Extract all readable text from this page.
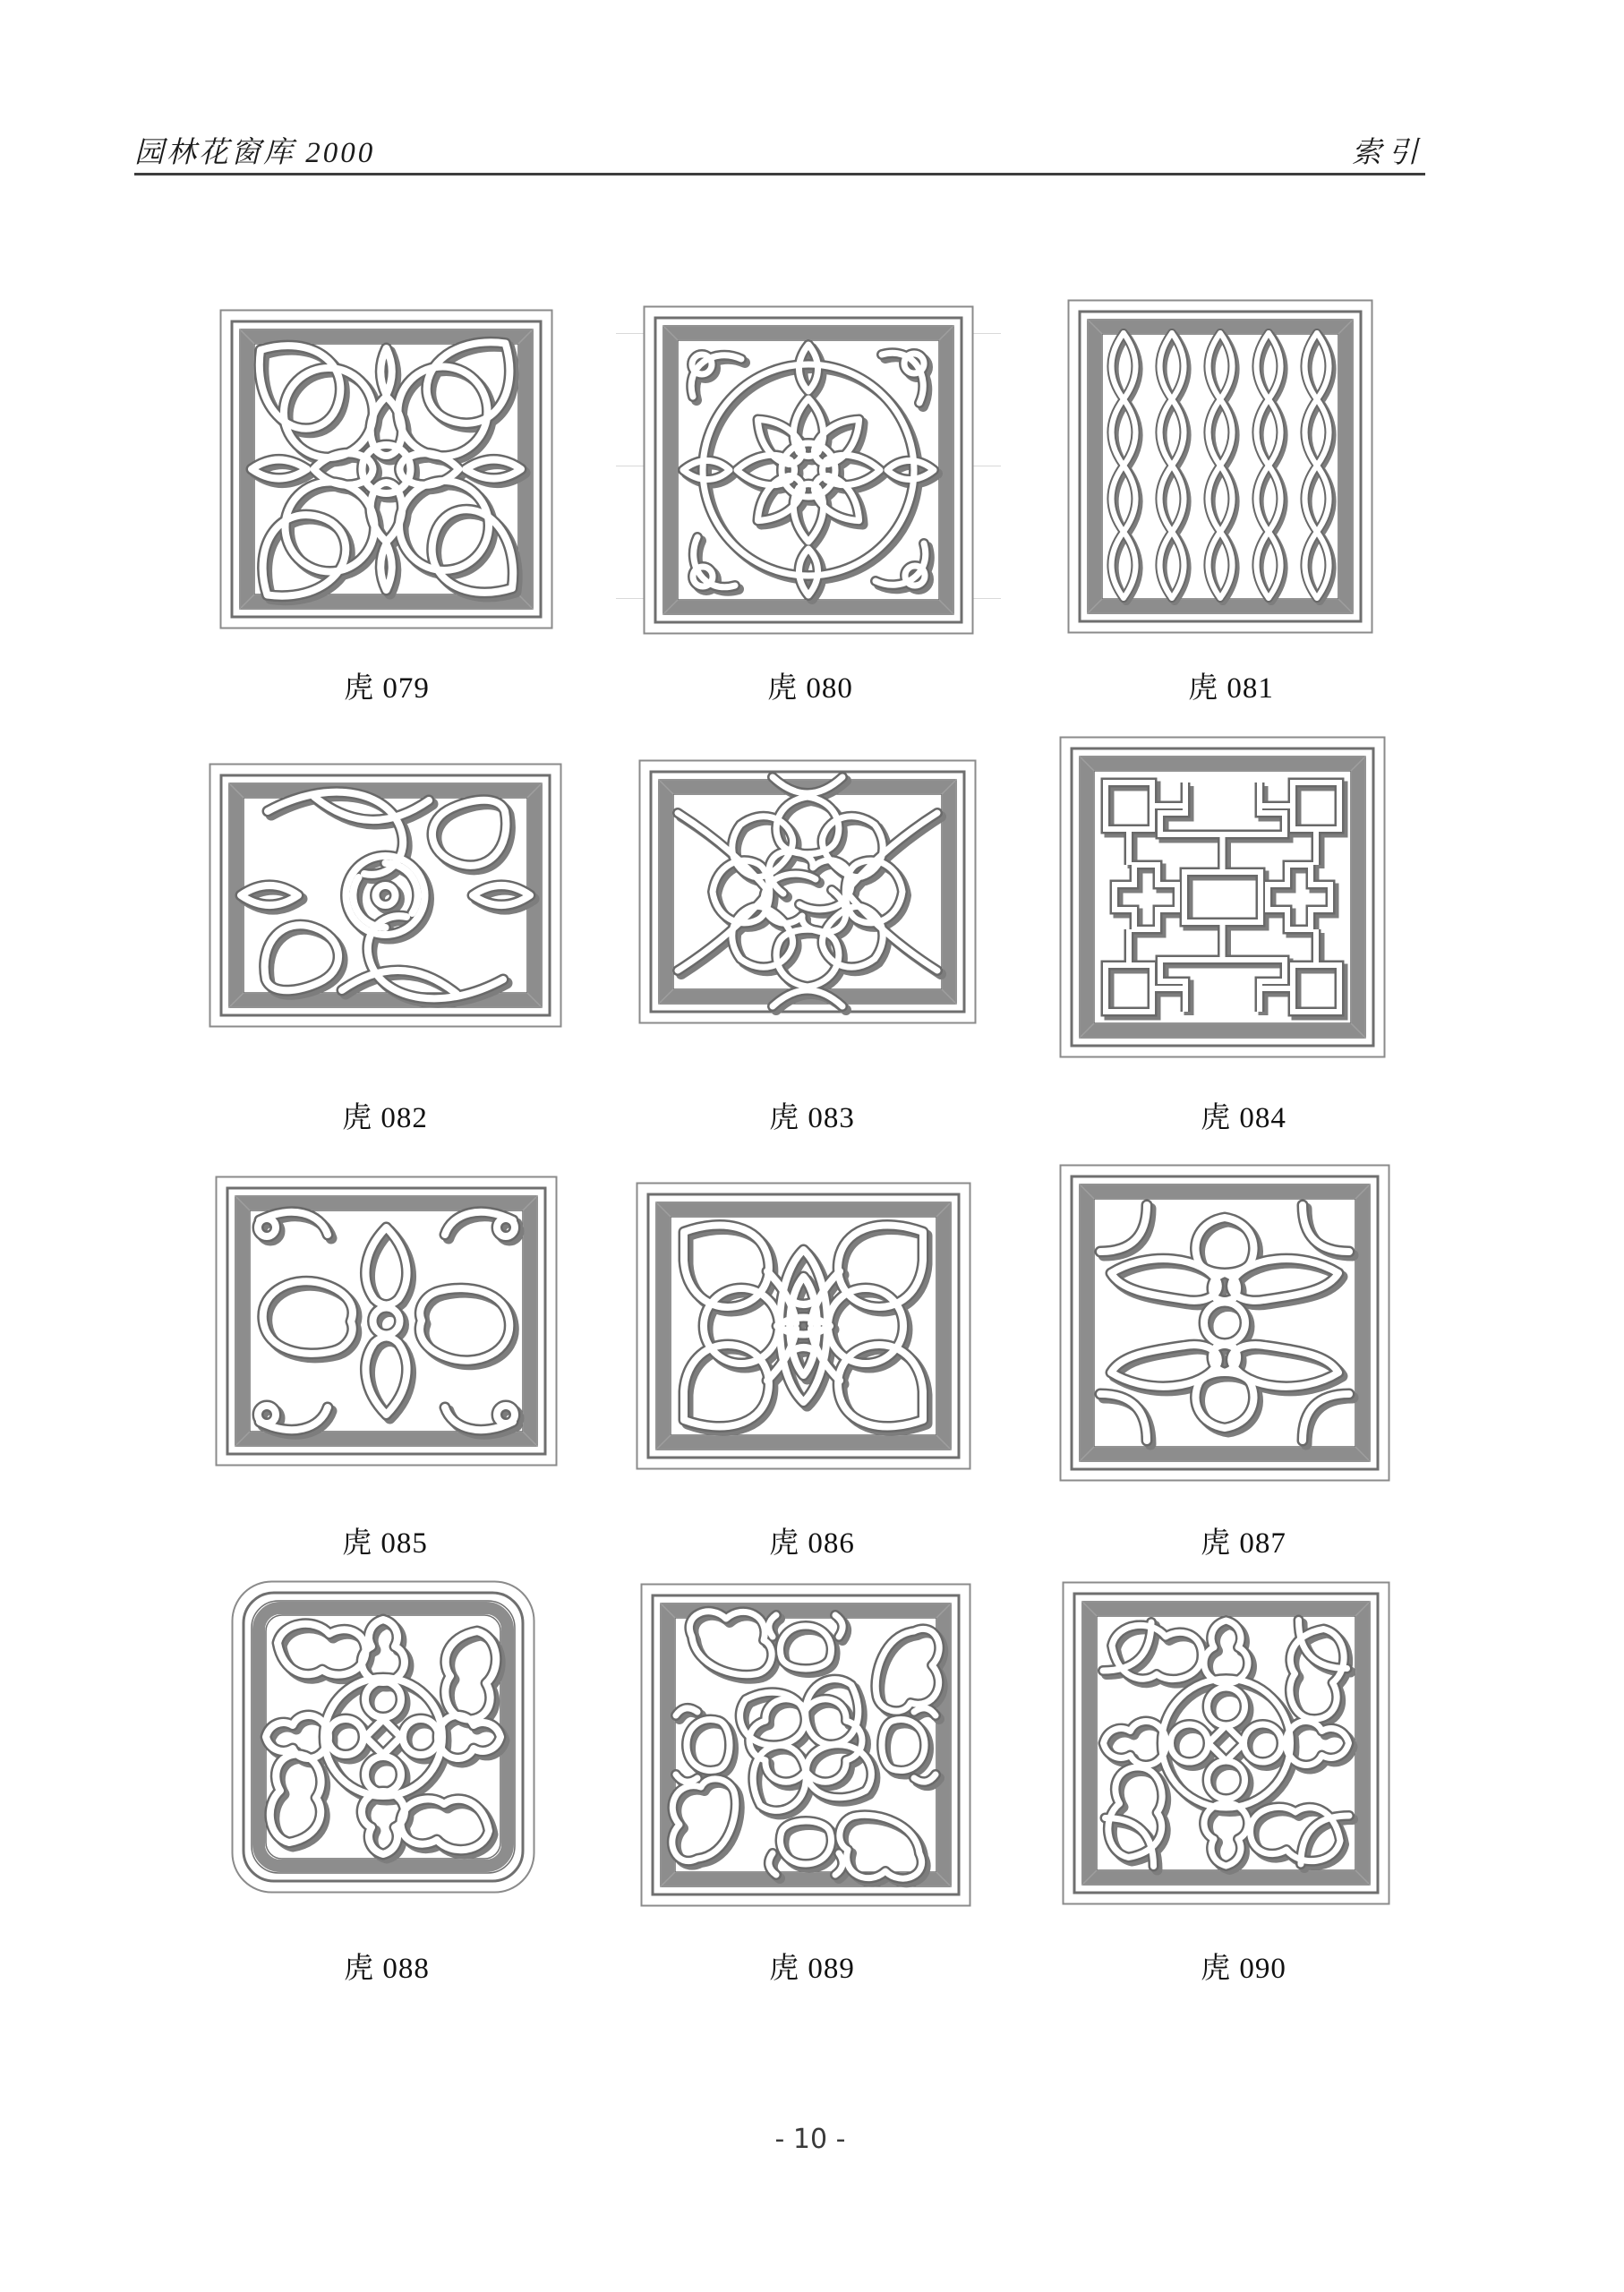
园林花窗库 2000	索引
虎 079	虎 080	虎 081
虎 082	虎 083	虎 084
虎 085	虎 086	虎 087
虎 088	虎 089	虎 090
- 10 -
